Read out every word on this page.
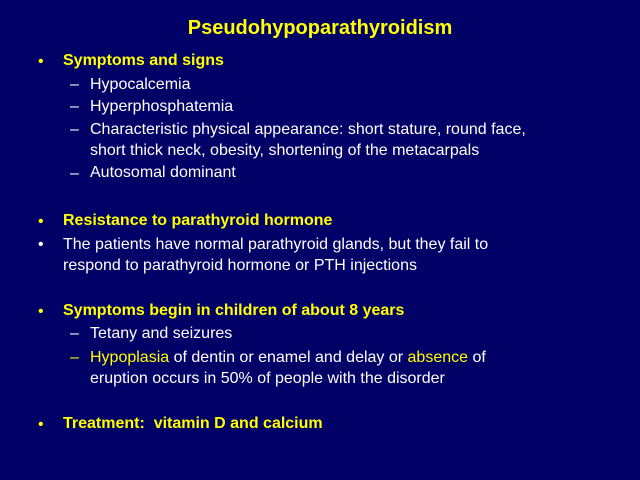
Pseudohypoparathyroidism
• Symptoms and signs
– Hypocalcemia
– Hyperphosphatemia
– Characteristic physical appearance: short stature, round face,
short thick neck, obesity, shortening of the metacarpals
– Autosomal dominant
• Resistance to parathyroid hormone
• The patients have normal parathyroid glands, but they fail to
respond to parathyroid hormone or PTH injections
• Symptoms begin in children of about 8 years
– Tetany and seizures
– Hypoplasia of dentin or enamel and delay or absence of
eruption occurs in 50% of people with the disorder
• Treatment:  vitamin D and calcium
